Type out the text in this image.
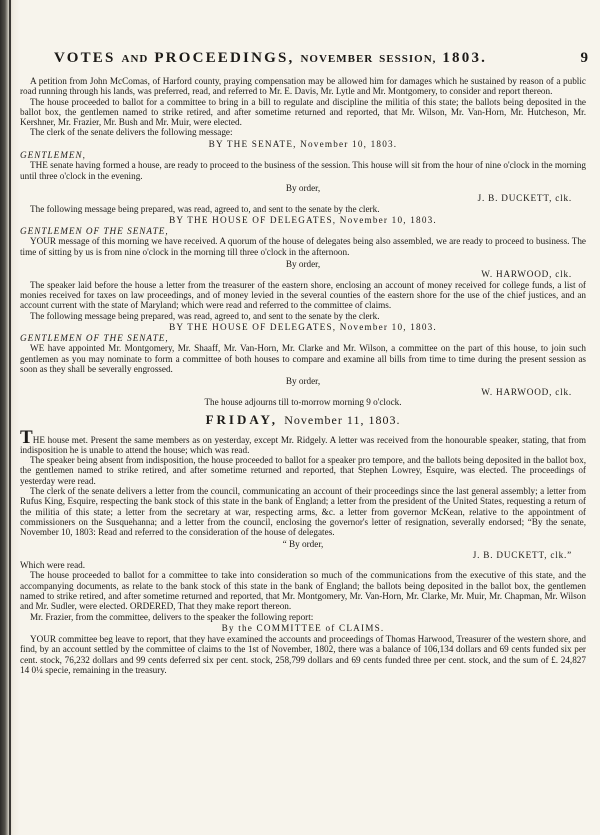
VOTES AND PROCEEDINGS, NOVEMBER SESSION, 1803.	9

A petition from John McComas, of Harford county, praying compensation may be allowed him for damages which he sustained by reason of a public road running through his lands, was preferred, read, and referred to Mr. E. Davis, Mr. Lytle and Mr. Montgomery, to consider and report thereon.

The house proceeded to ballot for a committee to bring in a bill to regulate and discipline the militia of this state; the ballots being deposited in the ballot box, the gentlemen named to strike retired, and after sometime returned and reported, that Mr. Wilson, Mr. Van-Horn, Mr. Hutcheson, Mr. Kershner, Mr. Frazier, Mr. Bush and Mr. Muir, were elected.

The clerk of the senate delivers the following message:

BY THE SENATE, November 10, 1803.

GENTLEMEN,

THE senate having formed a house, are ready to proceed to the business of the session. This house will sit from the hour of nine o'clock in the morning until three o'clock in the evening.

By order,

J. B. DUCKETT, clk.

The following message being prepared, was read, agreed to, and sent to the senate by the clerk.

BY THE HOUSE OF DELEGATES, November 10, 1803.

GENTLEMEN OF THE SENATE,

YOUR message of this morning we have received. A quorum of the house of delegates being also assembled, we are ready to proceed to business. The time of sitting by us is from nine o'clock in the morning till three o'clock in the afternoon.

By order,

W. HARWOOD, clk.

The speaker laid before the house a letter from the treasurer of the eastern shore, enclosing an account of money received for college funds, a list of monies received for taxes on law proceedings, and of money levied in the several counties of the eastern shore for the use of the chief justices, and an account current with the state of Maryland; which were read and referred to the committee of claims.

The following message being prepared, was read, agreed to, and sent to the senate by the clerk.

BY THE HOUSE OF DELEGATES, November 10, 1803.

GENTLEMEN OF THE SENATE,

WE have appointed Mr. Montgomery, Mr. Shaaff, Mr. Van-Horn, Mr. Clarke and Mr. Wilson, a committee on the part of this house, to join such gentlemen as you may nominate to form a committee of both houses to compare and examine all bills from time to time during the present session as soon as they shall be severally engrossed.

By order,

W. HARWOOD, clk.

The house adjourns till to-morrow morning 9 o'clock.

FRIDAY, November 11, 1803.

THE house met. Present the same members as on yesterday, except Mr. Ridgely. A letter was received from the honourable speaker, stating, that from indisposition he is unable to attend the house; which was read.

The speaker being absent from indisposition, the house proceeded to ballot for a speaker pro tempore, and the ballots being deposited in the ballot box, the gentlemen named to strike retired, and after sometime returned and reported, that Stephen Lowrey, Esquire, was elected. The proceedings of yesterday were read.

The clerk of the senate delivers a letter from the council, communicating an account of their proceedings since the last general assembly; a letter from Rufus King, Esquire, respecting the bank stock of this state in the bank of England; a letter from the president of the United States, requesting a return of the militia of this state; a letter from the secretary at war, respecting arms, &c. a letter from governor McKean, relative to the appointment of commissioners on the Susquehanna; and a letter from the council, enclosing the governor's letter of resignation, severally endorsed; “By the senate, November 10, 1803: Read and referred to the consideration of the house of delegates.

“ By order,

J. B. DUCKETT, clk.”

Which were read.

The house proceeded to ballot for a committee to take into consideration so much of the communications from the executive of this state, and the accompanying documents, as relate to the bank stock of this state in the bank of England; the ballots being deposited in the ballot box, the gentlemen named to strike retired, and after sometime returned and reported, that Mr. Montgomery, Mr. Van-Horn, Mr. Clarke, Mr. Muir, Mr. Chapman, Mr. Wilson and Mr. Sudler, were elected. ORDERED, That they make report thereon.

Mr. Frazier, from the committee, delivers to the speaker the following report:

By the COMMITTEE of CLAIMS.

YOUR committee beg leave to report, that they have examined the accounts and proceedings of Thomas Harwood, Treasurer of the western shore, and find, by an account settled by the committee of claims to the 1st of November, 1802, there was a balance of 106,134 dollars and 69 cents funded six per cent. stock, 76,232 dollars and 99 cents deferred six per cent. stock, 258,799 dollars and 69 cents funded three per cent. stock, and the sum of £. 24,827 14 0¼ specie, remaining in the treasury.
